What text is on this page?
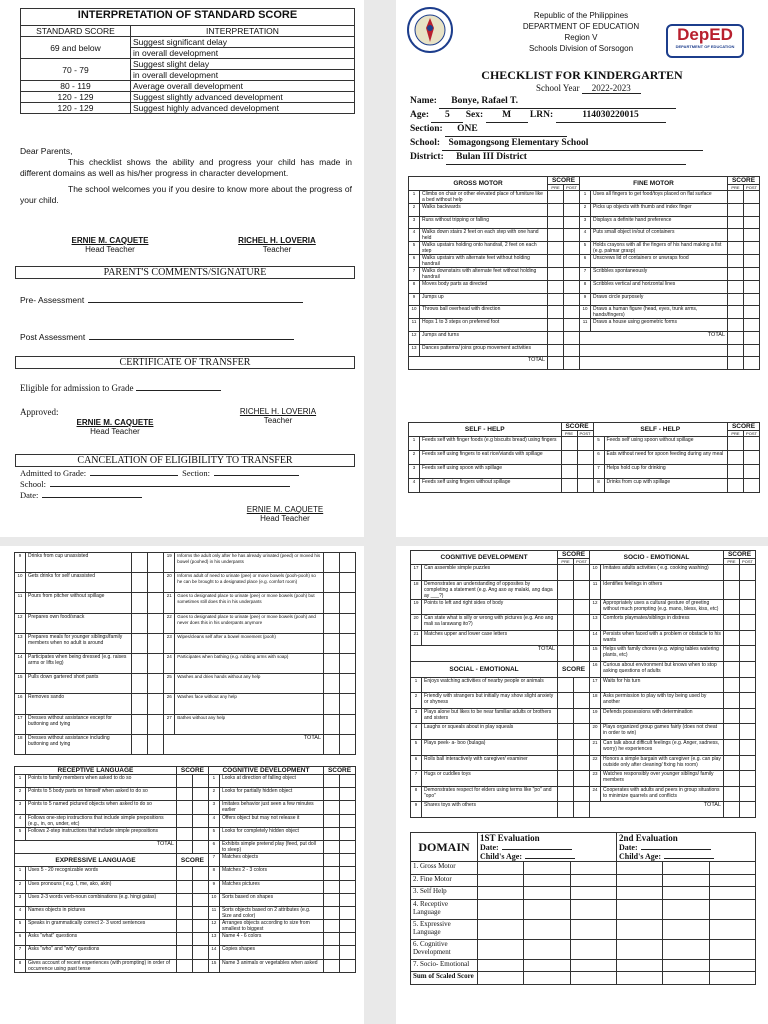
INTERPRETATION OF STANDARD SCORE	
STANDARD SCORE	INTERPRETATION
69 and below	Suggest significant delay
	in overall development
70 - 79	Suggest slight delay
	in overall development
80 - 119	Average overall development
120 - 129	Suggest slightly advanced development
120 - 129	Suggest highly advanced development
Dear Parents,
This checklist shows the ability and progress your child has made in different domains as well as his/her progress in character development.
The school welcomes you if you desire to know more about the progress of your child.
ERNIE M. CAQUETE
Head Teacher
RICHEL H. LOVERIA
Teacher
PARENT'S COMMENTS/SIGNATURE
Pre- Assessment
Post Assessment
CERTIFICATE OF TRANSFER
Eligible for admission to Grade
Approved:
ERNIE M. CAQUETE
Head Teacher
RICHEL H. LOVERIA
Teacher
CANCELATION OF ELIGIBILITY TO TRANSFER
Admitted to Grade:	Section:
School:
Date:
ERNIE M. CAQUETE
Head Teacher
Republic of the Philippines
DEPARTMENT OF EDUCATION
Region V
Schools Division of Sorsogon
DepED
DEPARTMENT OF EDUCATION
CHECKLIST FOR KINDERGARTEN
School Year 2022-2023
Name: Bonye, Rafael T.
Age: 5 Sex: M LRN:	114030220015
Section: ONE
School: Somagongsong Elementary School
District: Bulan III District
GROSS MOTOR		SCORE		FINE MOTOR		SCORE	
		PRE	POST			PRE	POST
1	Climbs on chair or other elevated place of furniture like a bed without help			1	Uses all fingers to get food/toys placed on flat surface		
2	Walks backwards			2	Picks up objects with thumb and index finger		
3	Runs without tripping or falling			3	Displays a definite hand preference		
4	Walks down stairs 2 feet on each step with one hand held			4	Puts small object in/out of containers		
5	Walks upstairs holding onto handrail, 2 feet on each step			5	Holds crayons with all the fingers of his hand making a fist (e.g. palmar grasp)		
6	Walks upstairs with alternate feet without holding handrail			6	Unscrews lid of containers or unwraps food		
7	Walks downstairs with alternate feet without holding handrail			7	Scribbles spontaneously		
8	Moves body parts as directed			8	Scribbles vertical and horizontal lines		
9	Jumps up			9	Draws circle purposely		
10	Throws ball overhead with direction			10	Draws a human figure (head, eyes, trunk arms, hands/fingers)		
11	Hops 1 to 3 steps on preferred foot			11	Draws a house using geometric forms		
12	Jumps and turns			TOTAL			
13	Dances patterns/ joins group movement activities						
TOTAL							
SELF - HELP		SCORE		SELF - HELP		SCORE	
		PRE	POST			PRE	POST
1	Feeds self with finger foods (e.g biscuits bread) using fingers			5	Feeds self using spoon without spillage		
2	Feeds self using fingers to eat rice/viands with spillage			6	Eats without need for spoon feeding during any meal		
3	Feeds self using spoon with spillage			7	Helps hold cup for drinking		
4	Feeds self using fingers without spillage			8	Drinks from cup with spillage		
9	Drinks from cup unassisted			19	Informs the adult only after he has already urinated (peed) or moved his bowel (poohed) in his underpants		
10	Gets drinks for self unassisted			20	Informs adult of need to urinate (pee) or move bowels (pooh-pooh) so he can be brought to a designated place (e.g. comfort room)		
11	Pours from pitcher without spillage			21	Goes to designated place to urinate (pee) or move bowels (pooh) but sometimes still does this in his underpants		
12	Prepares own food/snack			22	Goes to designated place to urinate (pee) or move bowels (pooh) and never does this in his underpants anymore		
13	Prepares meals for younger siblings/family members when no adult is around			23	Wipes/cleans self after a bowel movement (pooh)		
14	Participates when being dressed (e.g. raises arms or lifts leg)			24	Participates when bathing (e.g. rubbing arms with soap)		
15	Pulls down gartered short pants			25	Washes and dries hands without any help		
16	Removes sando			26	Washes face without any help		
17	Dresses without assistance except for buttoning and tying			27	Bathes without any help		
18	Dresses without assistance including buttoning and tying			TOTAL			
RECEPTIVE LANGUAGE		SCORE		COGNITIVE DEVELOPMENT		SCORE	
1	Points to family members when asked to do so			1	Looks at direction of falling object		
2	Points to 5 body parts on himself when asked to do so			2	Looks for partially hidden object		
3	Points to 5 named pictured objects when asked to do so			3	Imitates behavior just seen a few minutes earlier		
4	Follows one-step instructions that include simple prepositions (e.g., in, on, under, etc)			4	Offers object but may not release it		
5	Follows 2-step instructions that include simple prepositions			5	Looks for completely hidden object		
TOTAL				6	Exhibits simple pretend play (feed, put doll to sleep)		
EXPRESSIVE LANGUAGE		SCORE		7	Matches objects		
1	Uses 5 - 20 recognizable words			8	Matches 2 - 3 colors		
2	Uses pronouns ( e.g. I, me, ako, akin)			9	Matches pictures		
3	Uses 2-3 words verb-noun combinations (e.g. hingi gatas)			10	Sorts based on shapes		
4	Names objects in pictures			11	Sorts objects based on 2 attributes (e.g. Size and color)		
5	Speaks in grammatically correct 2- 3 word sentences			12	Arranges objects according to size from smallest to biggest		
6	Asks "what" questions			13	Name 4 - 6 colors		
7	Asks "who" and "why" questions			14	Copies shapes		
8	Gives account of recent experiences (with prompting) in order of occurrence using past tense			15	Name 3 animals or vegetables when asked		
COGNITIVE DEVELOPMENT		SCORE		SOCIO - EMOTIONAL		SCORE	
		PRE	POST			PRE	POST
17	Can assemble simple puzzles			10	Imitates adults activities ( e.g. cooking washing)		
18	Demonstrates an understanding of opposites by completing a statement (e.g. Ang aso ay malaki, ang daga ay ___?)			11	Identifies feelings in others		
19	Points to left and right sides of body			12	Appropriately uses a cultural gesture of greeting without much prompting (e.g. mano, bless, kiss, etc)		
20	Can state what is silly or wrong with pictures (e.g. Ano ang mali sa larawang ito?)			13	Comforts playmates/siblings in distress		
21	Matches upper and lower case letters			14	Persists when faced with a problem or obstacle to his wants		
TOTAL				15	Helps with family chores (e.g. wiping tables watering plants, etc)		
SOCIAL - EMOTIONAL		SCORE		16	Curious about environment but knows when to stop asking questions of adults		
1	Enjoys watching activities of nearby people or animals			17	Waits for his turn		
2	Friendly with strangers but initially may show slight anxiety or shyness			18	Asks permission to play with toy being used by another		
3	Plays alone but likes to be near familiar adults or brothers and sisters			19	Defends possessions with determination		
4	Laughs or squeals about in play squeals			20	Plays organized group games fairly (does not cheat in order to win)		
5	Plays peek- a- boo (bulaga)			21	Can talk about difficult feelings (e.g. Anger, sadness, worry) he experiences		
6	Rolls ball interactively with caregiver/ examiner			22	Honors a simple bargain with caregiver (e.g. can play outside only after cleaning/ fixing his room)		
7	Hugs or cuddles toys			23	Watches responsibly over younger siblings/ family members		
8	Demonstrates respect for elders using terms like "po" and "opo"			24	Cooperates with adults and peers in group situations to minimize quarrels and conflicts		
9	Shares toys with others			TOTAL			
DOMAIN	1ST Evaluation			2nd Evaluation		
	Date:			Date:		
	Child's Age:			Child's Age:		
1. Gross Motor						
2. Fine Motor						
3. Self Help						
4. Receptive Language						
5. Expressive Language						
6. Cognitive Development						
7. Socio- Emotional						
Sum of Scaled Score						
